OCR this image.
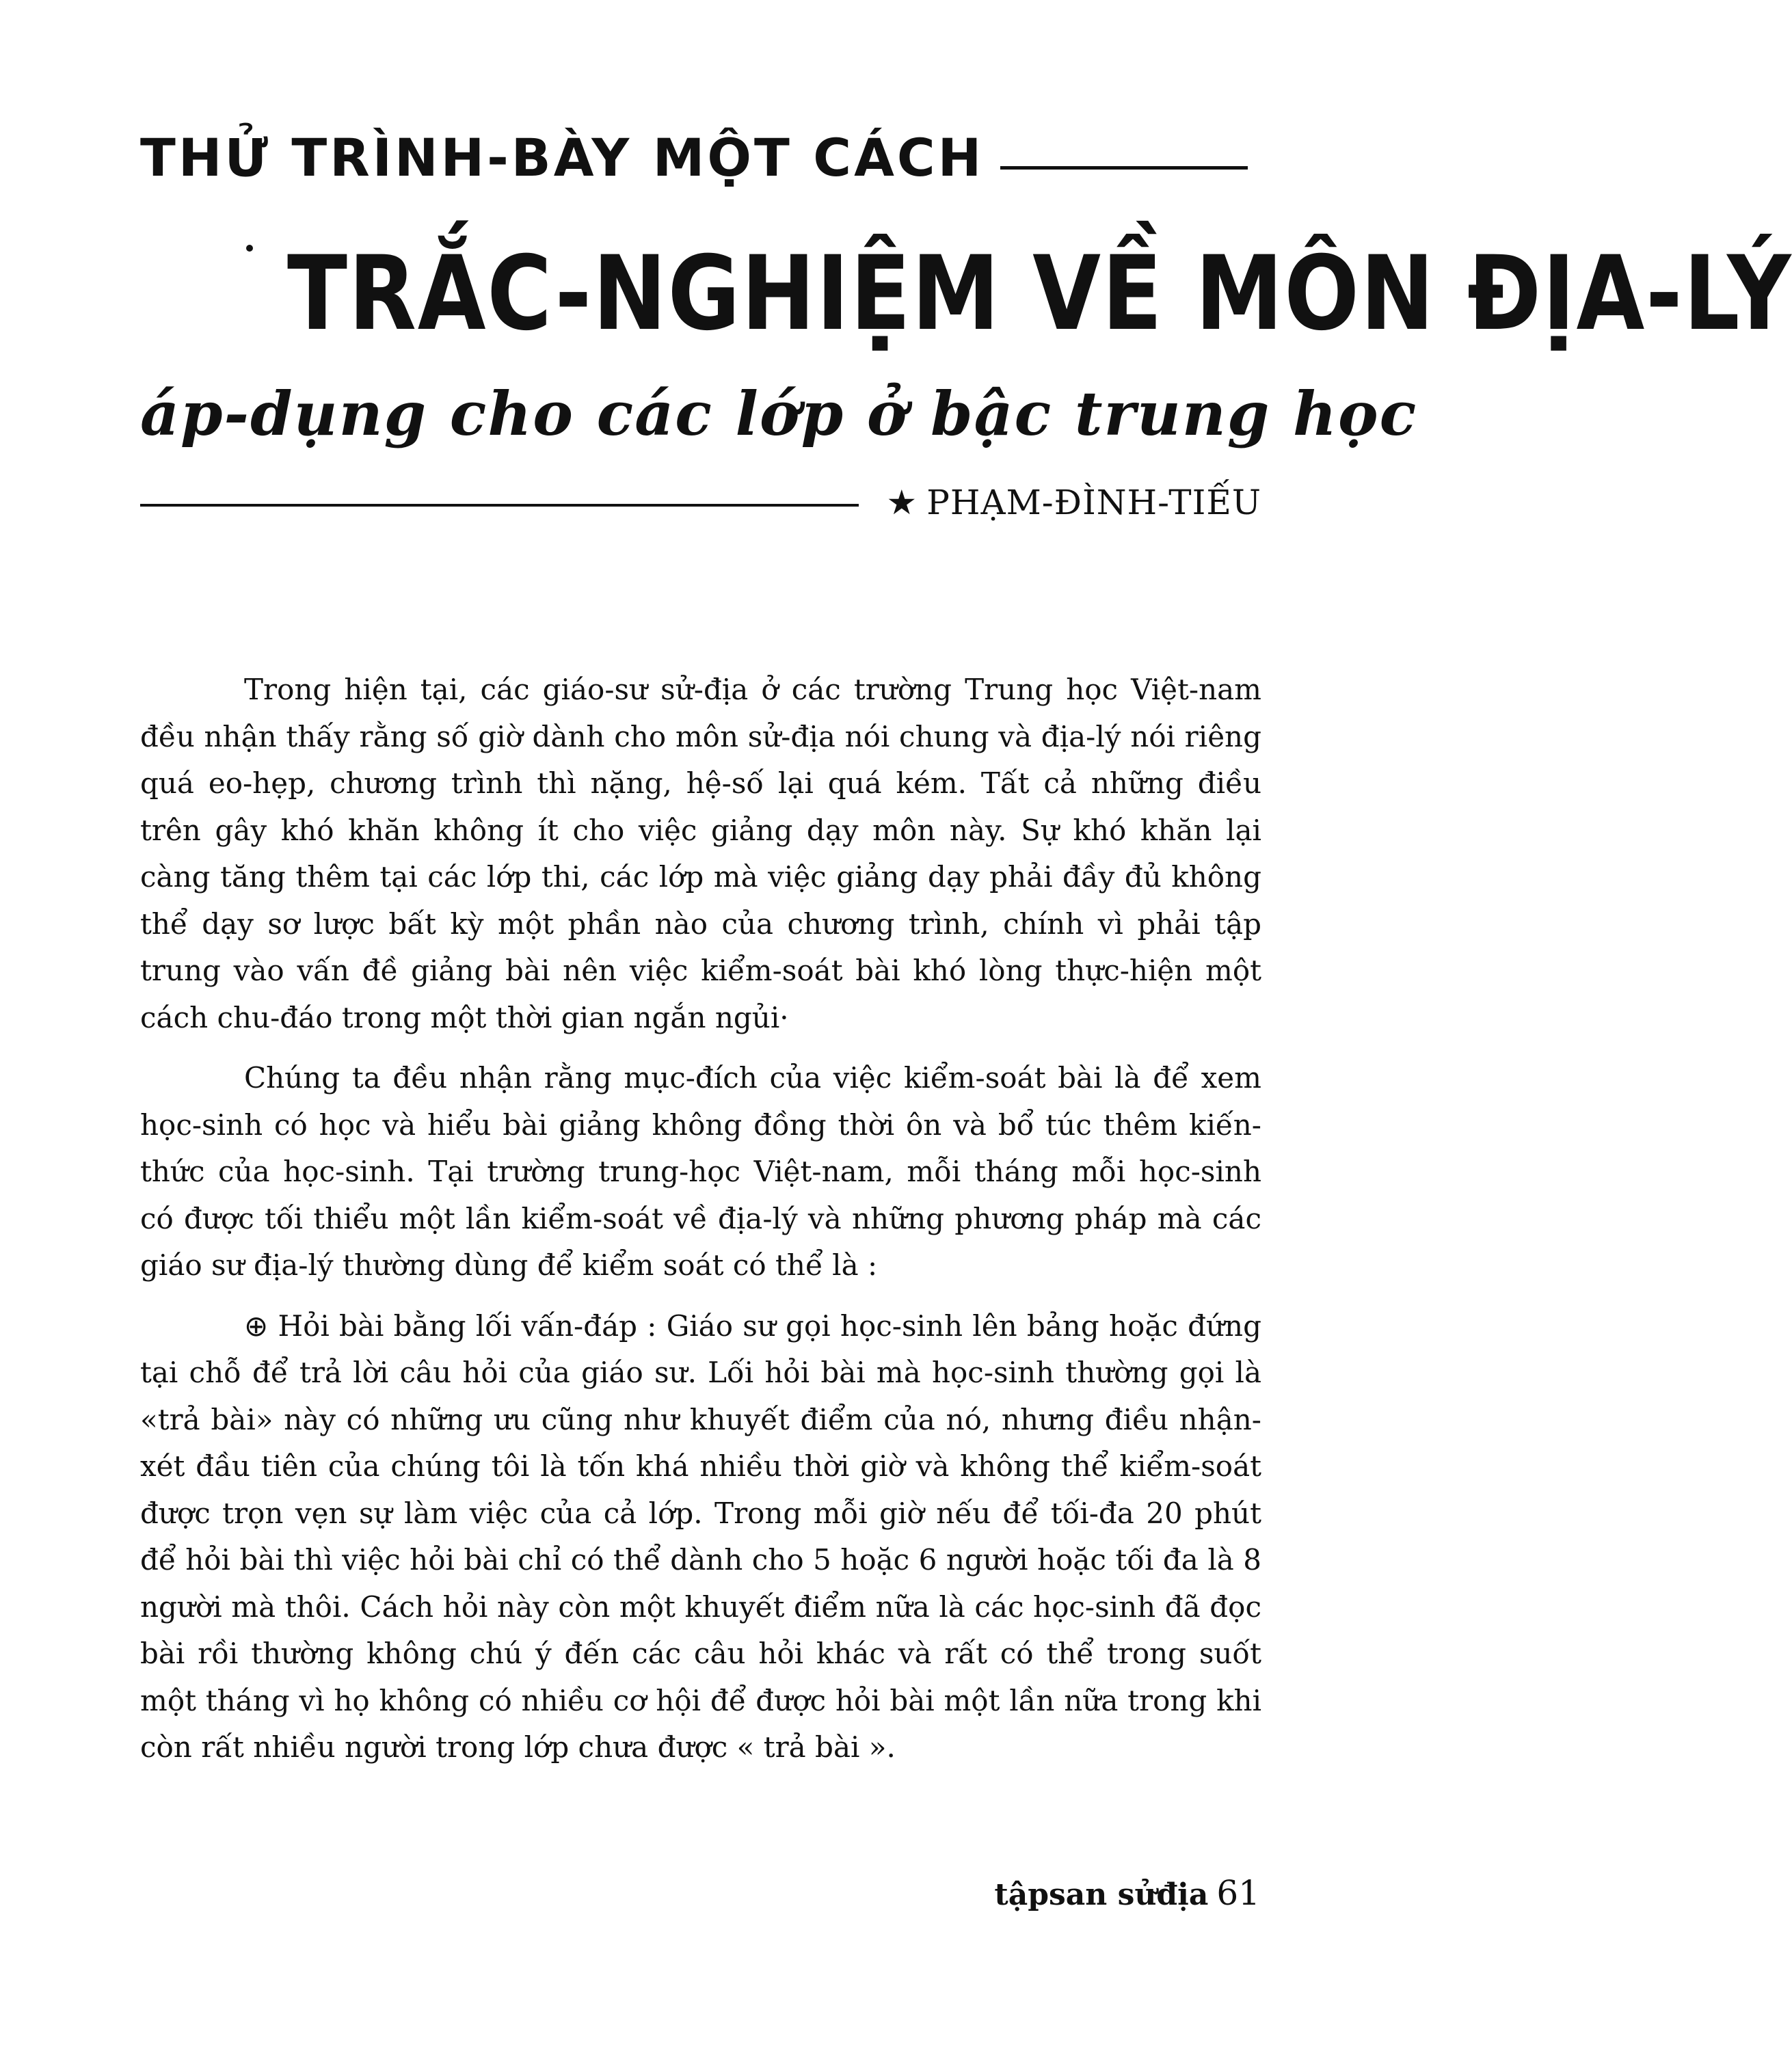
THỬ TRÌNH-BÀY MỘT CÁCH
TRẮC-NGHIỆM VỀ MÔN ĐỊA-LÝ
áp-dụng cho các lớp ở bậc trung học
★ PHẠM-ĐÌNH-TIẾU

Trong hiện tại, các giáo-sư sử-địa ở các trường Trung học Việt-nam đều nhận thấy rằng số giờ dành cho môn sử-địa nói chung và địa-lý nói riêng quá eo-hẹp, chương trình thì nặng, hệ-số lại quá kém. Tất cả những điều trên gây khó khăn không ít cho việc giảng dạy môn này. Sự khó khăn lại càng tăng thêm tại các lớp thi, các lớp mà việc giảng dạy phải đầy đủ không thể dạy sơ lược bất kỳ một phần nào của chương trình, chính vì phải tập trung vào vấn đề giảng bài nên việc kiểm-soát bài khó lòng thực-hiện một cách chu-đáo trong một thời gian ngắn ngủi·

Chúng ta đều nhận rằng mục-đích của việc kiểm-soát bài là để xem học-sinh có học và hiểu bài giảng không đồng thời ôn và bổ túc thêm kiến-thức của học-sinh. Tại trường trung-học Việt-nam, mỗi tháng mỗi học-sinh có được tối thiểu một lần kiểm-soát về địa-lý và những phương pháp mà các giáo sư địa-lý thường dùng để kiểm soát có thể là :

⊕ Hỏi bài bằng lối vấn-đáp : Giáo sư gọi học-sinh lên bảng hoặc đứng tại chỗ để trả lời câu hỏi của giáo sư. Lối hỏi bài mà học-sinh thường gọi là «trả bài» này có những ưu cũng như khuyết điểm của nó, nhưng điều nhận-xét đầu tiên của chúng tôi là tốn khá nhiều thời giờ và không thể kiểm-soát được trọn vẹn sự làm việc của cả lớp. Trong mỗi giờ nếu để tối-đa 20 phút để hỏi bài thì việc hỏi bài chỉ có thể dành cho 5 hoặc 6 người hoặc tối đa là 8 người mà thôi. Cách hỏi này còn một khuyết điểm nữa là các học-sinh đã đọc bài rồi thường không chú ý đến các câu hỏi khác và rất có thể trong suốt một tháng vì họ không có nhiều cơ hội để được hỏi bài một lần nữa trong khi còn rất nhiều người trong lớp chưa được « trả bài ».

tậpsan sửđịa 61
